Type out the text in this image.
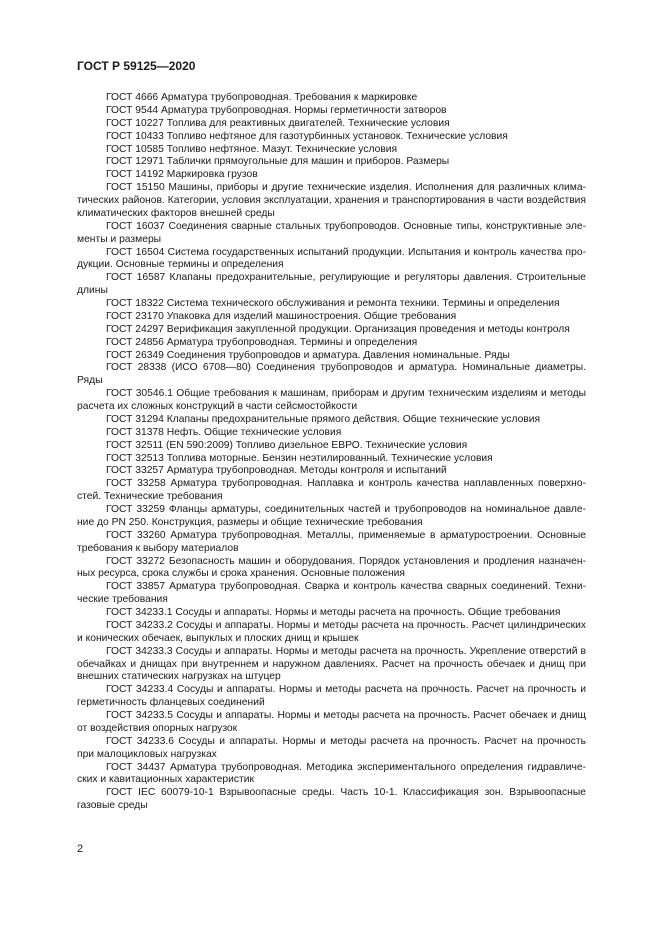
ГОСТ Р 59125—2020

ГОСТ 4666 Арматура трубопроводная. Требования к маркировке

ГОСТ 9544 Арматура трубопроводная. Нормы герметичности затворов

ГОСТ 10227 Топлива для реактивных двигателей. Технические условия

ГОСТ 10433 Топливо нефтяное для газотурбинных установок. Технические условия

ГОСТ 10585 Топливо нефтяное. Мазут. Технические условия

ГОСТ 12971 Таблички прямоугольные для машин и приборов. Размеры

ГОСТ 14192 Маркировка грузов

ГОСТ 15150 Машины, приборы и другие технические изделия. Исполнения для различных климатических районов. Категории, условия эксплуатации, хранения и транспортирования в части воздействия климатических факторов внешней среды

ГОСТ 16037 Соединения сварные стальных трубопроводов. Основные типы, конструктивные элементы и размеры

ГОСТ 16504 Система государственных испытаний продукции. Испытания и контроль качества продукции. Основные термины и определения

ГОСТ 16587 Клапаны предохранительные, регулирующие и регуляторы давления. Строительные длины

ГОСТ 18322 Система технического обслуживания и ремонта техники. Термины и определения

ГОСТ 23170 Упаковка для изделий машиностроения. Общие требования

ГОСТ 24297 Верификация закупленной продукции. Организация проведения и методы контроля

ГОСТ 24856 Арматура трубопроводная. Термины и определения

ГОСТ 26349 Соединения трубопроводов и арматура. Давления номинальные. Ряды

ГОСТ 28338 (ИСО 6708—80) Соединения трубопроводов и арматура. Номинальные диаметры. Ряды

ГОСТ 30546.1 Общие требования к машинам, приборам и другим техническим изделиям и методы расчета их сложных конструкций в части сейсмостойкости

ГОСТ 31294 Клапаны предохранительные прямого действия. Общие технические условия

ГОСТ 31378 Нефть. Общие технические условия

ГОСТ 32511 (EN 590:2009) Топливо дизельное ЕВРО. Технические условия

ГОСТ 32513 Топлива моторные. Бензин неэтилированный. Технические условия

ГОСТ 33257 Арматура трубопроводная. Методы контроля и испытаний

ГОСТ 33258 Арматура трубопроводная. Наплавка и контроль качества наплавленных поверхностей. Технические требования

ГОСТ 33259 Фланцы арматуры, соединительных частей и трубопроводов на номинальное давление до PN 250. Конструкция, размеры и общие технические требования

ГОСТ 33260 Арматура трубопроводная. Металлы, применяемые в арматуростроении. Основные требования к выбору материалов

ГОСТ 33272 Безопасность машин и оборудования. Порядок установления и продления назначенных ресурса, срока службы и срока хранения. Основные положения

ГОСТ 33857 Арматура трубопроводная. Сварка и контроль качества сварных соединений. Технические требования

ГОСТ 34233.1 Сосуды и аппараты. Нормы и методы расчета на прочность. Общие требования

ГОСТ 34233.2 Сосуды и аппараты. Нормы и методы расчета на прочность. Расчет цилиндрических и конических обечаек, выпуклых и плоских днищ и крышек

ГОСТ 34233.3 Сосуды и аппараты. Нормы и методы расчета на прочность. Укрепление отверстий в обечайках и днищах при внутреннем и наружном давлениях. Расчет на прочность обечаек и днищ при внешних статических нагрузках на штуцер

ГОСТ 34233.4 Сосуды и аппараты. Нормы и методы расчета на прочность. Расчет на прочность и герметичность фланцевых соединений

ГОСТ 34233.5 Сосуды и аппараты. Нормы и методы расчета на прочность. Расчет обечаек и днищ от воздействия опорных нагрузок

ГОСТ 34233.6 Сосуды и аппараты. Нормы и методы расчета на прочность. Расчет на прочность при малоцикловых нагрузках

ГОСТ 34437 Арматура трубопроводная. Методика экспериментального определения гидравлических и кавитационных характеристик

ГОСТ IEC 60079-10-1 Взрывоопасные среды. Часть 10-1. Классификация зон. Взрывоопасные газовые среды

2
